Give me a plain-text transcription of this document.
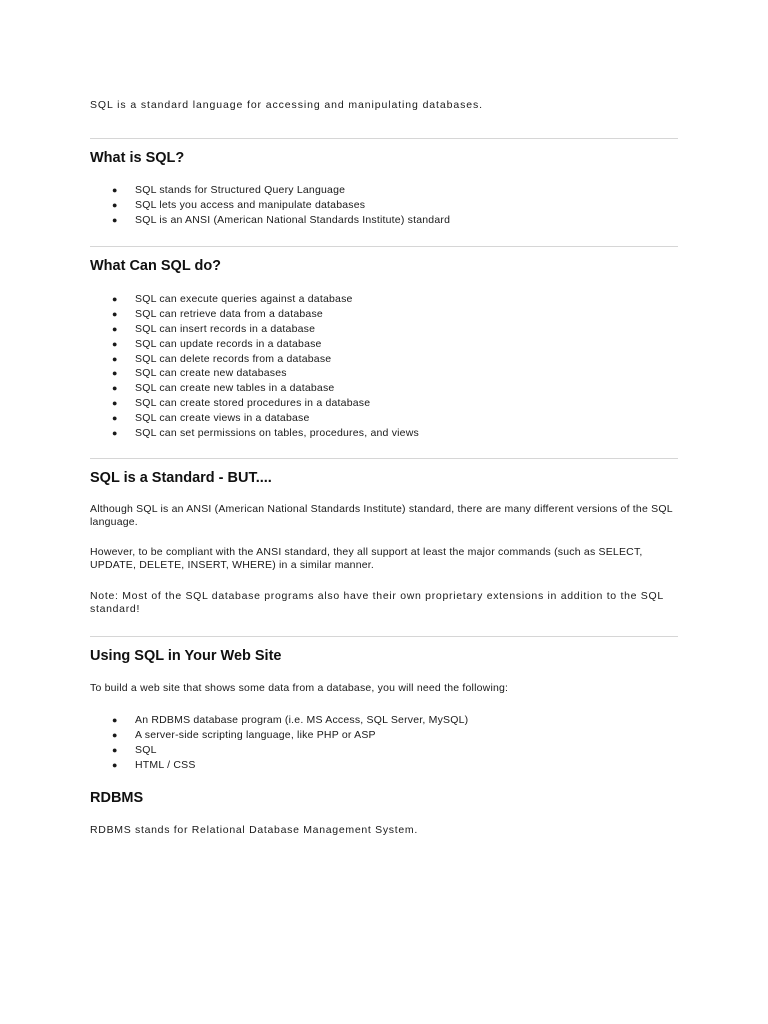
SQL is a standard language for accessing and manipulating databases.

What is SQL?
● SQL stands for Structured Query Language
● SQL lets you access and manipulate databases
● SQL is an ANSI (American National Standards Institute) standard
What Can SQL do?
● SQL can execute queries against a database
● SQL can retrieve data from a database
● SQL can insert records in a database
● SQL can update records in a database
● SQL can delete records from a database
● SQL can create new databases
● SQL can create new tables in a database
● SQL can create stored procedures in a database
● SQL can create views in a database
● SQL can set permissions on tables, procedures, and views
SQL is a Standard - BUT....

Although SQL is an ANSI (American National Standards Institute) standard, there are many different versions of the SQL language.

However, to be compliant with the ANSI standard, they all support at least the major commands (such as SELECT, UPDATE, DELETE, INSERT, WHERE) in a similar manner.

Note: Most of the SQL database programs also have their own proprietary extensions in addition to the SQL standard!

Using SQL in Your Web Site

To build a web site that shows some data from a database, you will need the following:

● An RDBMS database program (i.e. MS Access, SQL Server, MySQL)
● A server-side scripting language, like PHP or ASP
● SQL
● HTML / CSS
RDBMS

RDBMS stands for Relational Database Management System.
